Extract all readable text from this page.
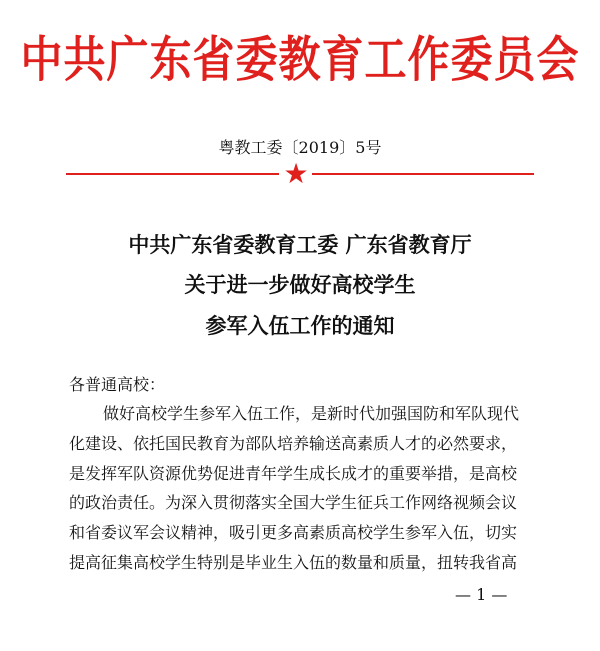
中共广东省委教育工作委员会
粤教工委〔2019〕5号
★
中共广东省委教育工委 广东省教育厅
关于进一步做好高校学生
参军入伍工作的通知
各普通高校：
做好高校学生参军入伍工作，是新时代加强国防和军队现代
化建设、依托国民教育为部队培养输送高素质人才的必然要求，
是发挥军队资源优势促进青年学生成长成才的重要举措，是高校
的政治责任。为深入贯彻落实全国大学生征兵工作网络视频会议
和省委议军会议精神，吸引更多高素质高校学生参军入伍，切实
提高征集高校学生特别是毕业生入伍的数量和质量，扭转我省高
— 1 —
